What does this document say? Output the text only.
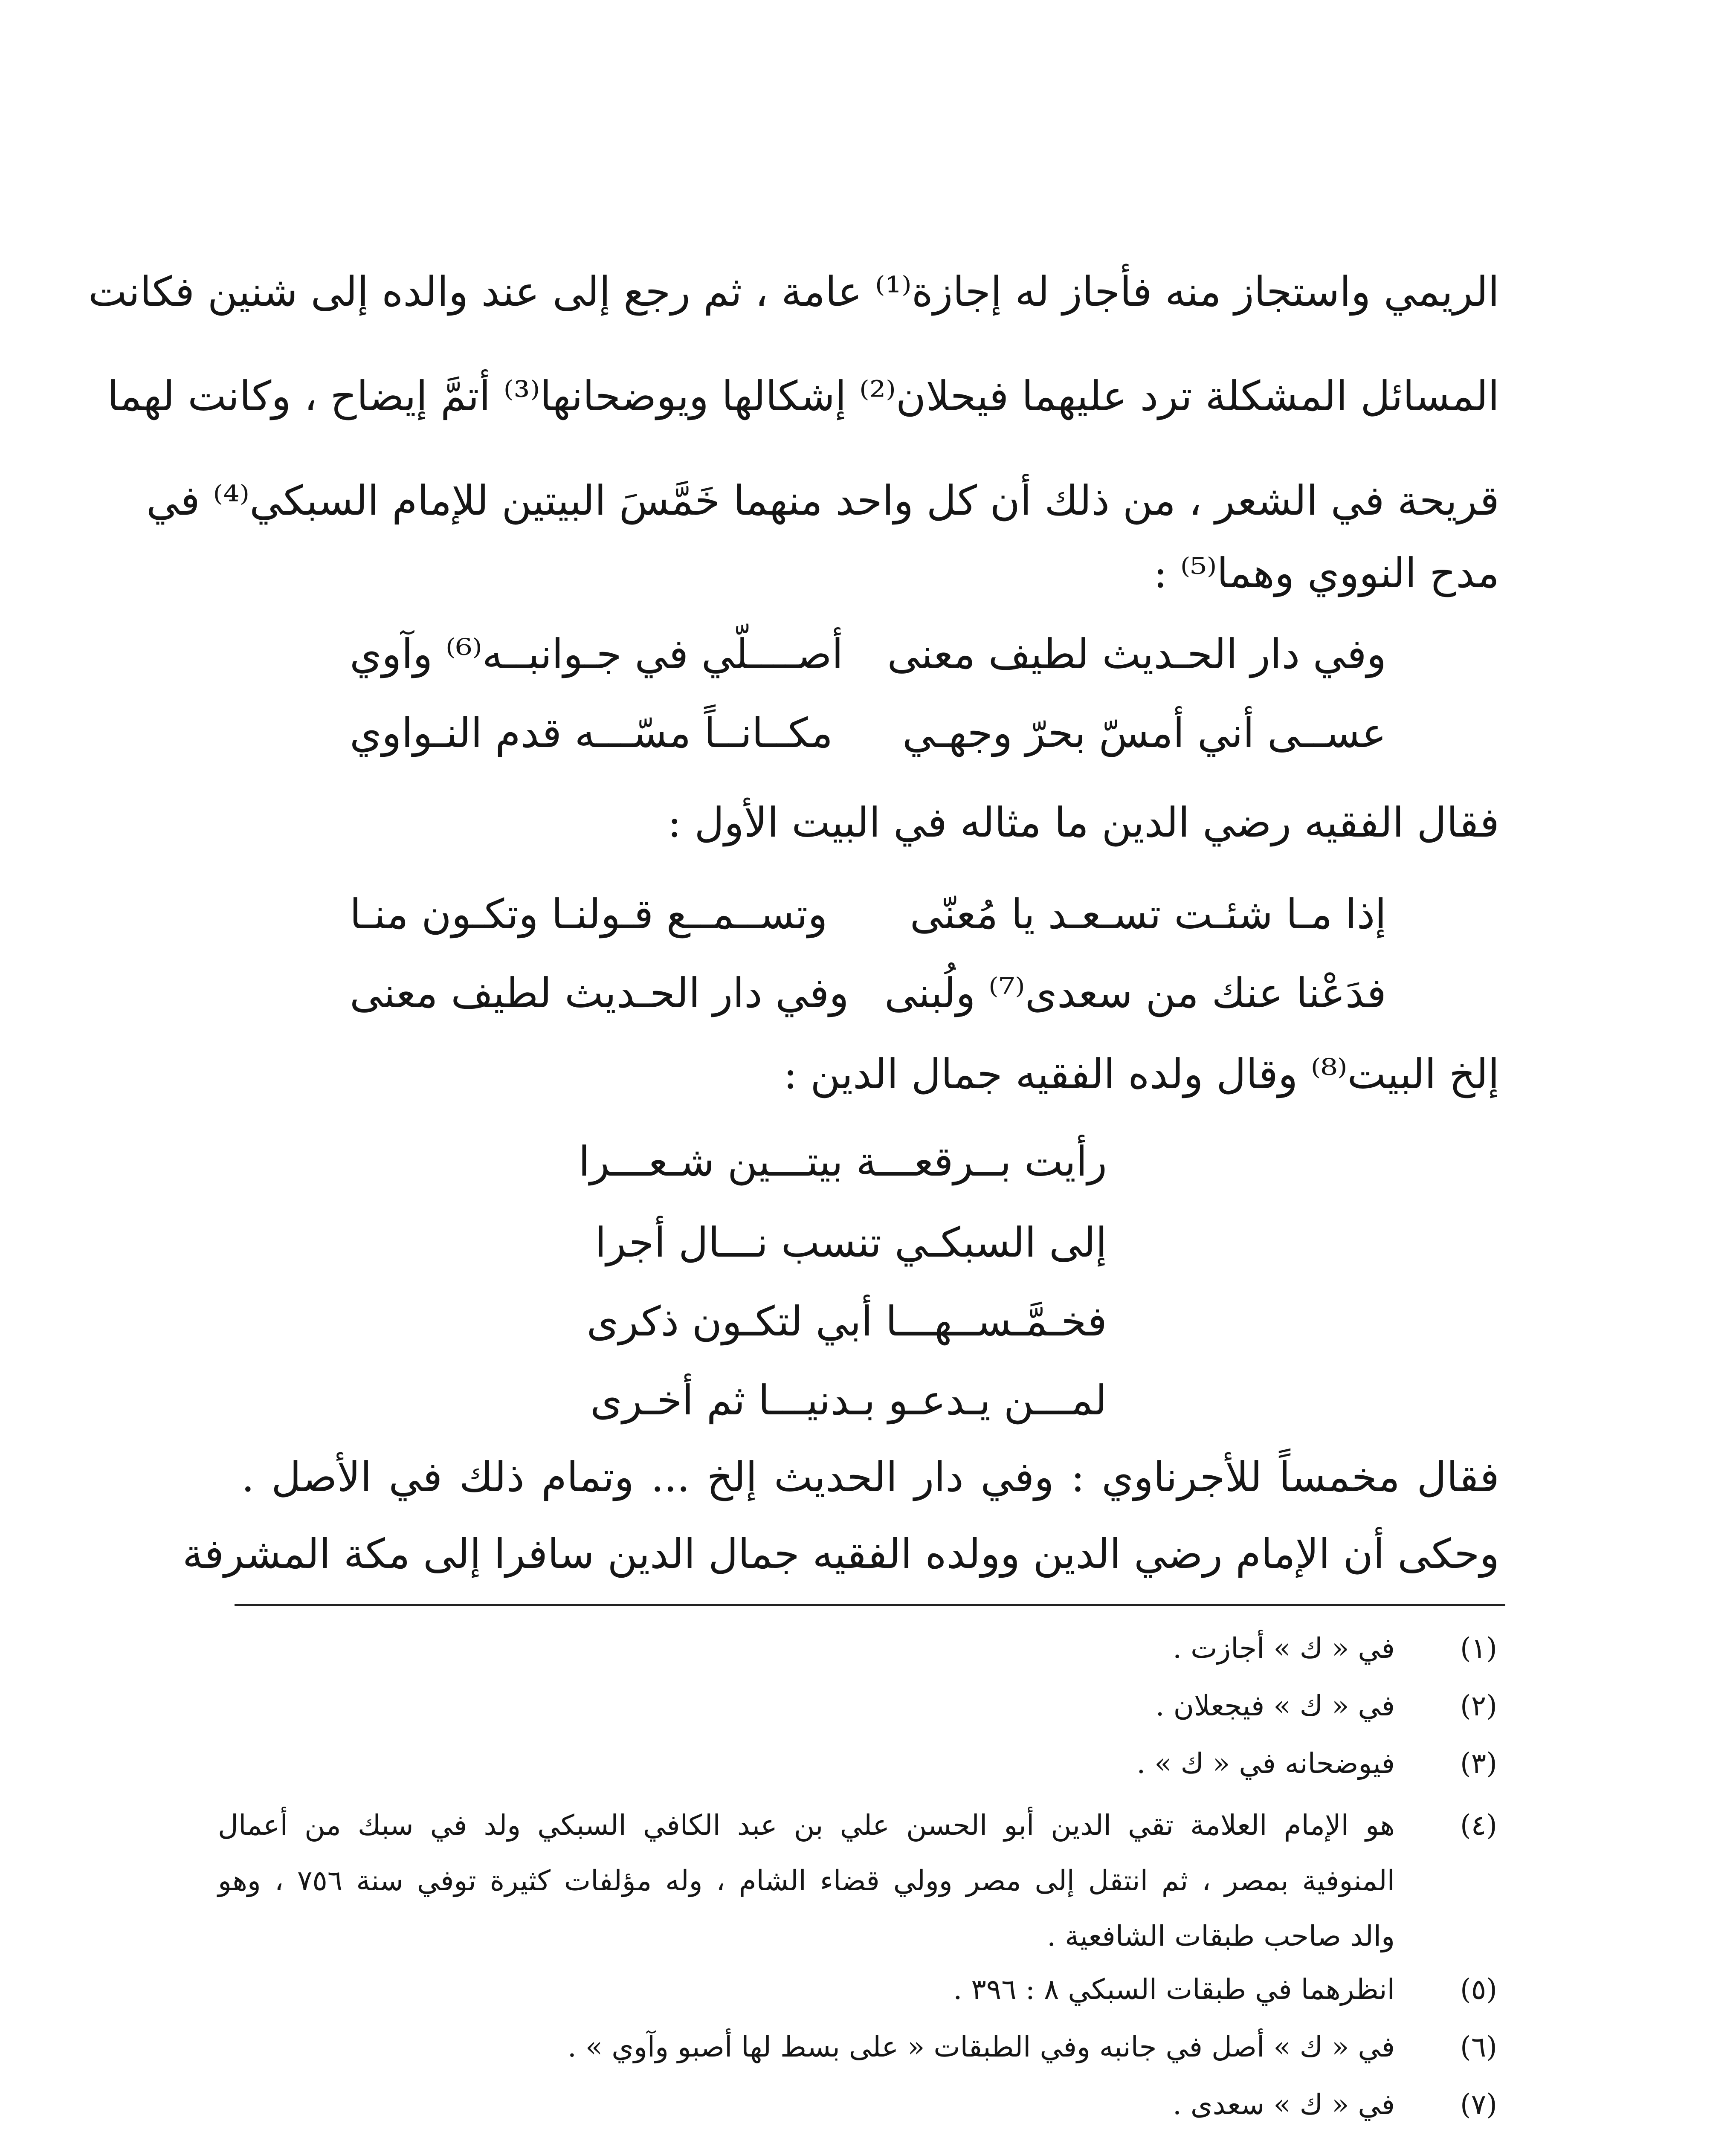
الريمي واستجاز منه فأجاز له إجازة⁽¹⁾ عامة ، ثم رجع إلى عند والده إلى شنين فكانت
المسائل المشكلة ترد عليهما فيحلان⁽²⁾ إشكالها ويوضحانها⁽³⁾ أتمَّ إيضاح ، وكانت لهما
قريحة في الشعر ، من ذلك أن كل واحد منهما خَمَّسَ البيتين للإمام السبكي⁽⁴⁾ في
مدح النووي وهما⁽⁵⁾ :
وفي دار الحـديث لطيف معنى
أصــــلّي في جـوانبــه⁽⁶⁾ وآوي
عســى أني أمسّ بحرّ وجهـي
مكــانــاً مسّـــه قدم النـواوي
فقال الفقيه رضي الدين ما مثاله في البيت الأول :
إذا مـا شئـت تسـعـد يا مُعنّى
وتســمــع قـولنـا وتكـون منـا
فدَعْنا عنك من سعدى⁽⁷⁾ ولُبنى
وفي دار الحـديث لطيف معنى
إلخ البيت⁽⁸⁾ وقال ولده الفقيه جمال الدين :
رأيت بــرقعـــة بيتـــين شـعـــرا
إلى السبكـي تنسب نـــال أجرا
فخـمَّـســهـــا أبي لتكـون ذكرى
لمـــن يـدعـو بـدنيـــا ثم أخـرى
فقال مخمساً للأجرناوي : وفي دار الحديث إلخ ... وتمام ذلك في الأصل .
وحكى أن الإمام رضي الدين وولده الفقيه جمال الدين سافرا إلى مكة المشرفة
(١)
في « ك » أجازت .
(٢)
في « ك » فيجعلان .
(٣)
فيوضحانه في « ك » .
(٤)
هو الإمام العلامة تقي الدين أبو الحسن علي بن عبد الكافي السبكي ولد في سبك من أعمال
المنوفية بمصر ، ثم انتقل إلى مصر وولي قضاء الشام ، وله مؤلفات كثيرة توفي سنة ٧٥٦ ، وهو
والد صاحب طبقات الشافعية .
(٥)
انظرهما في طبقات السبكي ٨ : ٣٩٦ .
(٦)
في « ك » أصل في جانبه وفي الطبقات « على بسط لها أصبو وآوي » .
(٧)
في « ك » سعدى .
